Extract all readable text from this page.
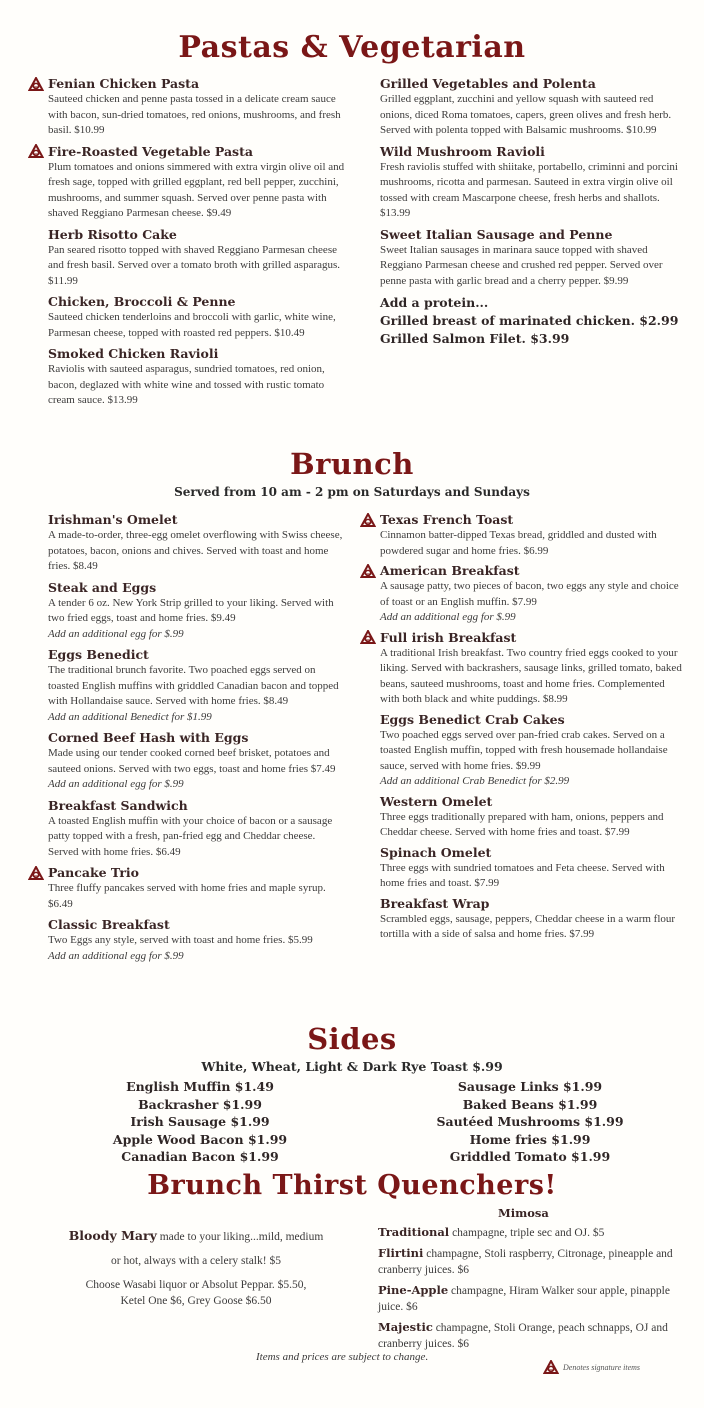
Pastas & Vegetarian
Fenian Chicken Pasta
Sauteed chicken and penne pasta tossed in a delicate cream sauce with bacon, sun-dried tomatoes, red onions, mushrooms, and fresh basil. $10.99
Fire-Roasted Vegetable Pasta
Plum tomatoes and onions simmered with extra virgin olive oil and fresh sage, topped with grilled eggplant, red bell pepper, zucchini, mushrooms, and summer squash. Served over penne pasta with shaved Reggiano Parmesan cheese. $9.49
Herb Risotto Cake
Pan seared risotto topped with shaved Reggiano Parmesan cheese and fresh basil. Served over a tomato broth with grilled asparagus. $11.99
Chicken, Broccoli & Penne
Sauteed chicken tenderloins and broccoli with garlic, white wine, Parmesan cheese, topped with roasted red peppers. $10.49
Smoked Chicken Ravioli
Raviolis with sauteed asparagus, sundried tomatoes, red onion, bacon, deglazed with white wine and tossed with rustic tomato cream sauce. $13.99
Grilled Vegetables and Polenta
Grilled eggplant, zucchini and yellow squash with sauteed red onions, diced Roma tomatoes, capers, green olives and fresh herb. Served with polenta topped with Balsamic mushrooms. $10.99
Wild Mushroom Ravioli
Fresh raviolis stuffed with shiitake, portabello, criminni and porcini mushrooms, ricotta and parmesan. Sauteed in extra virgin olive oil tossed with cream Mascarpone cheese, fresh herbs and shallots. $13.99
Sweet Italian Sausage and Penne
Sweet Italian sausages in marinara sauce topped with shaved Reggiano Parmesan cheese and crushed red pepper. Served over penne pasta with garlic bread and a cherry pepper. $9.99
Add a protein...
Grilled breast of marinated chicken. $2.99
Grilled Salmon Filet. $3.99
Brunch
Served from 10 am - 2 pm on Saturdays and Sundays
Irishman's Omelet
A made-to-order, three-egg omelet overflowing with Swiss cheese, potatoes, bacon, onions and chives. Served with toast and home fries. $8.49
Steak and Eggs
A tender 6 oz. New York Strip grilled to your liking. Served with two fried eggs, toast and home fries. $9.49
Add an additional egg for $.99
Eggs Benedict
The traditional brunch favorite. Two poached eggs served on toasted English muffins with griddled Canadian bacon and topped with Hollandaise sauce. Served with home fries. $8.49
Add an additional Benedict for $1.99
Corned Beef Hash with Eggs
Made using our tender cooked corned beef brisket, potatoes and sauteed onions. Served with two eggs, toast and home fries $7.49
Add an additional egg for $.99
Breakfast Sandwich
A toasted English muffin with your choice of bacon or a sausage patty topped with a fresh, pan-fried egg and Cheddar cheese. Served with home fries. $6.49
Pancake Trio
Three fluffy pancakes served with home fries and maple syrup. $6.49
Classic Breakfast
Two Eggs any style, served with toast and home fries. $5.99
Add an additional egg for $.99
Texas French Toast
Cinnamon batter-dipped Texas bread, griddled and dusted with powdered sugar and home fries. $6.99
American Breakfast
A sausage patty, two pieces of bacon, two eggs any style and choice of toast or an English muffin. $7.99
Add an additional egg for $.99
Full irish Breakfast
A traditional Irish breakfast. Two country fried eggs cooked to your liking. Served with backrashers, sausage links, grilled tomato, baked beans, sauteed mushrooms, toast and home fries. Complemented with both black and white puddings. $8.99
Eggs Benedict Crab Cakes
Two poached eggs served over pan-fried crab cakes. Served on a toasted English muffin, topped with fresh housemade hollandaise sauce, served with home fries. $9.99
Add an additional Crab Benedict for $2.99
Western Omelet
Three eggs traditionally prepared with ham, onions, peppers and Cheddar cheese. Served with home fries and toast. $7.99
Spinach Omelet
Three eggs with sundried tomatoes and Feta cheese. Served with home fries and toast. $7.99
Breakfast Wrap
Scrambled eggs, sausage, peppers, Cheddar cheese in a warm flour tortilla with a side of salsa and home fries. $7.99
Sides
White, Wheat, Light & Dark Rye Toast $.99
English Muffin $1.49
Backrasher $1.99
Irish Sausage $1.99
Apple Wood Bacon $1.99
Canadian Bacon $1.99
Sausage Links $1.99
Baked Beans $1.99
Sautéed Mushrooms $1.99
Home fries $1.99
Griddled Tomato $1.99
Brunch Thirst Quenchers!
Bloody Mary made to your liking...mild, medium
or hot, always with a celery stalk! $5
Choose Wasabi liquor or Absolut Peppar. $5.50,
Ketel One $6, Grey Goose $6.50
Mimosa
Traditional champagne, triple sec and OJ. $5
Flirtini champagne, Stoli raspberry, Citronage, pineapple and cranberry juices. $6
Pine-Apple champagne, Hiram Walker sour apple, pinapple juice. $6
Majestic champagne, Stoli Orange, peach schnapps, OJ and cranberry juices. $6
Items and prices are subject to change.
Denotes signature items
